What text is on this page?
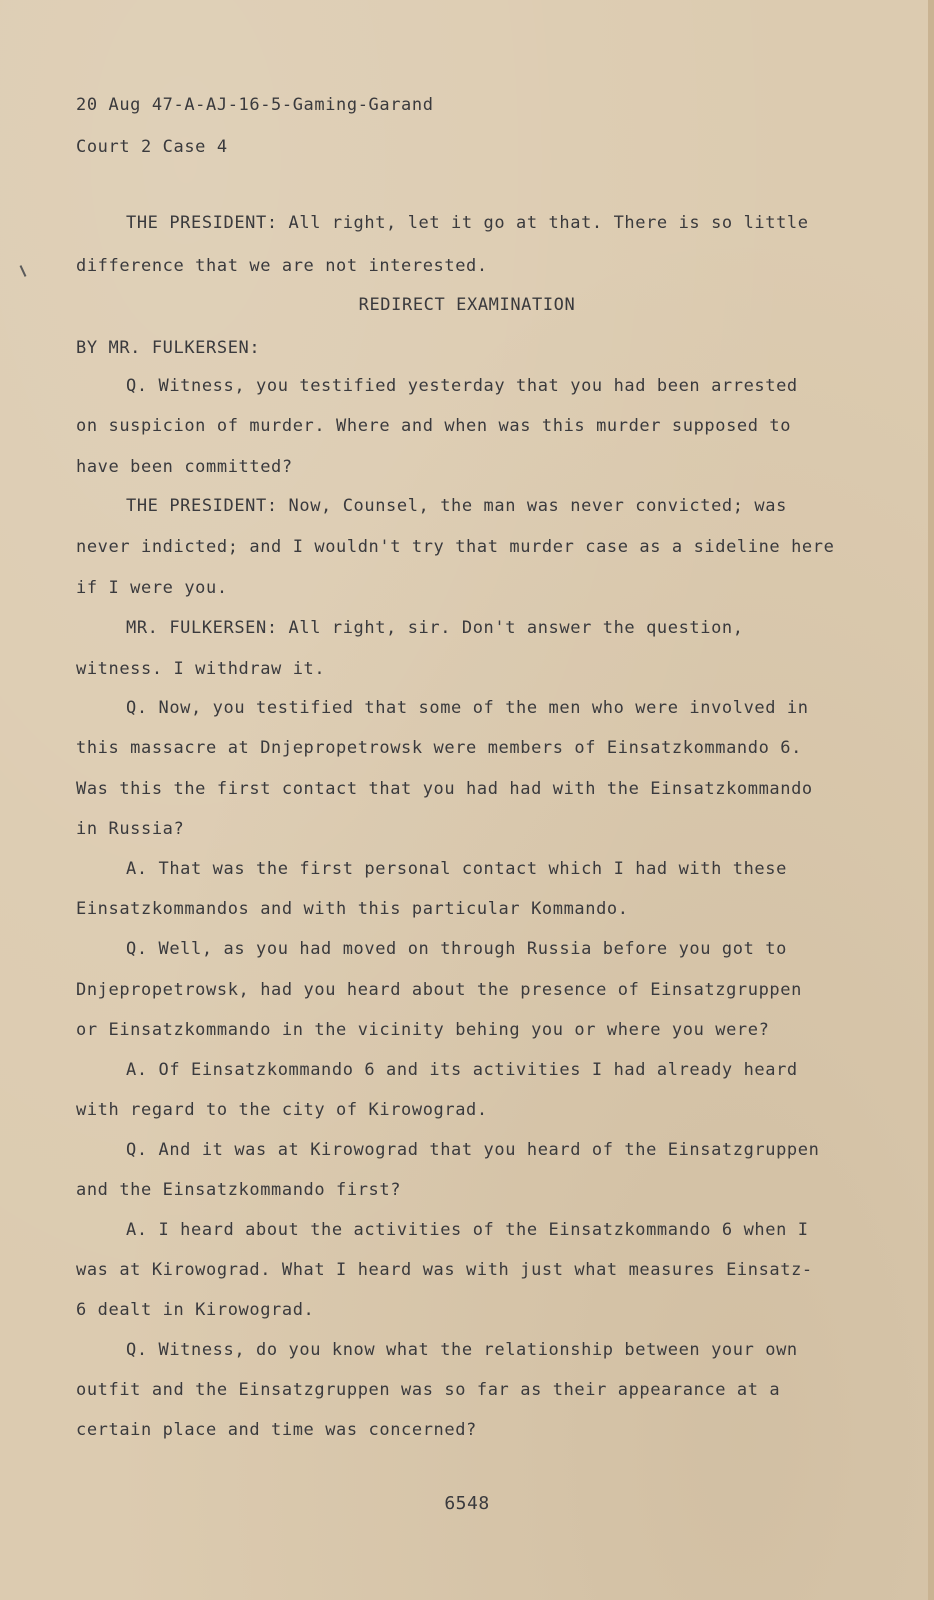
20 Aug 47-A-AJ-16-5-Gaming-Garand
Court 2 Case 4
THE PRESIDENT: All right, let it go at that. There is so little
difference that we are not interested.
REDIRECT EXAMINATION
BY MR. FULKERSEN:
Q. Witness, you testified yesterday that you had been arrested
on suspicion of murder. Where and when was this murder supposed to
have been committed?
THE PRESIDENT: Now, Counsel, the man was never convicted; was
never indicted; and I wouldn't try that murder case as a sideline here
if I were you.
MR. FULKERSEN: All right, sir. Don't answer the question,
witness. I withdraw it.
Q. Now, you testified that some of the men who were involved in
this massacre at Dnjepropetrowsk were members of Einsatzkommando 6.
Was this the first contact that you had had with the Einsatzkommando
in Russia?
A. That was the first personal contact which I had with these
Einsatzkommandos and with this particular Kommando.
Q. Well, as you had moved on through Russia before you got to
Dnjepropetrowsk, had you heard about the presence of Einsatzgruppen
or Einsatzkommando in the vicinity behing you or where you were?
A. Of Einsatzkommando 6 and its activities I had already heard
with regard to the city of Kirowograd.
Q. And it was at Kirowograd that you heard of the Einsatzgruppen
and the Einsatzkommando first?
A. I heard about the activities of the Einsatzkommando 6 when I
was at Kirowograd. What I heard was with just what measures Einsatz-
6 dealt in Kirowograd.
Q. Witness, do you know what the relationship between your own
outfit and the Einsatzgruppen was so far as their appearance at a
certain place and time was concerned?
6548
